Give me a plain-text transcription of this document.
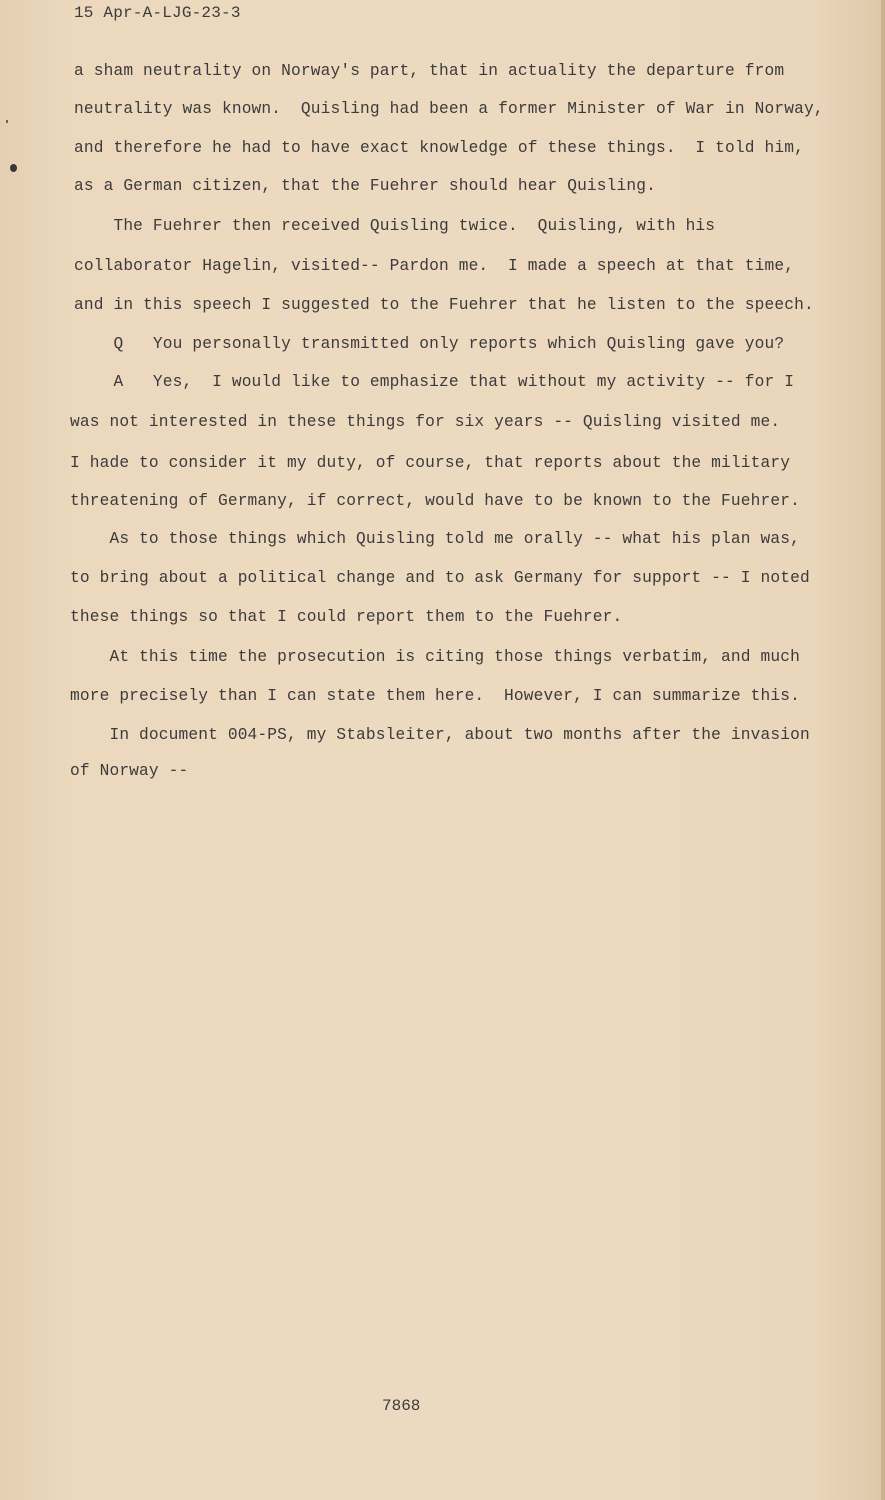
15 Apr-A-LJG-23-3
a sham neutrality on Norway's part, that in actuality the departure from
neutrality was known.  Quisling had been a former Minister of War in Norway,
and therefore he had to have exact knowledge of these things.  I told him,
as a German citizen, that the Fuehrer should hear Quisling.
The Fuehrer then received Quisling twice.  Quisling, with his
collaborator Hagelin, visited-- Pardon me.  I made a speech at that time,
and in this speech I suggested to the Fuehrer that he listen to the speech.
Q   You personally transmitted only reports which Quisling gave you?
A   Yes,  I would like to emphasize that without my activity -- for I
was not interested in these things for six years -- Quisling visited me.
I hade to consider it my duty, of course, that reports about the military
threatening of Germany, if correct, would have to be known to the Fuehrer.
As to those things which Quisling told me orally -- what his plan was,
to bring about a political change and to ask Germany for support -- I noted
these things so that I could report them to the Fuehrer.
At this time the prosecution is citing those things verbatim, and much
more precisely than I can state them here.  However, I can summarize this.
In document 004-PS, my Stabsleiter, about two months after the invasion
of Norway --
7868
